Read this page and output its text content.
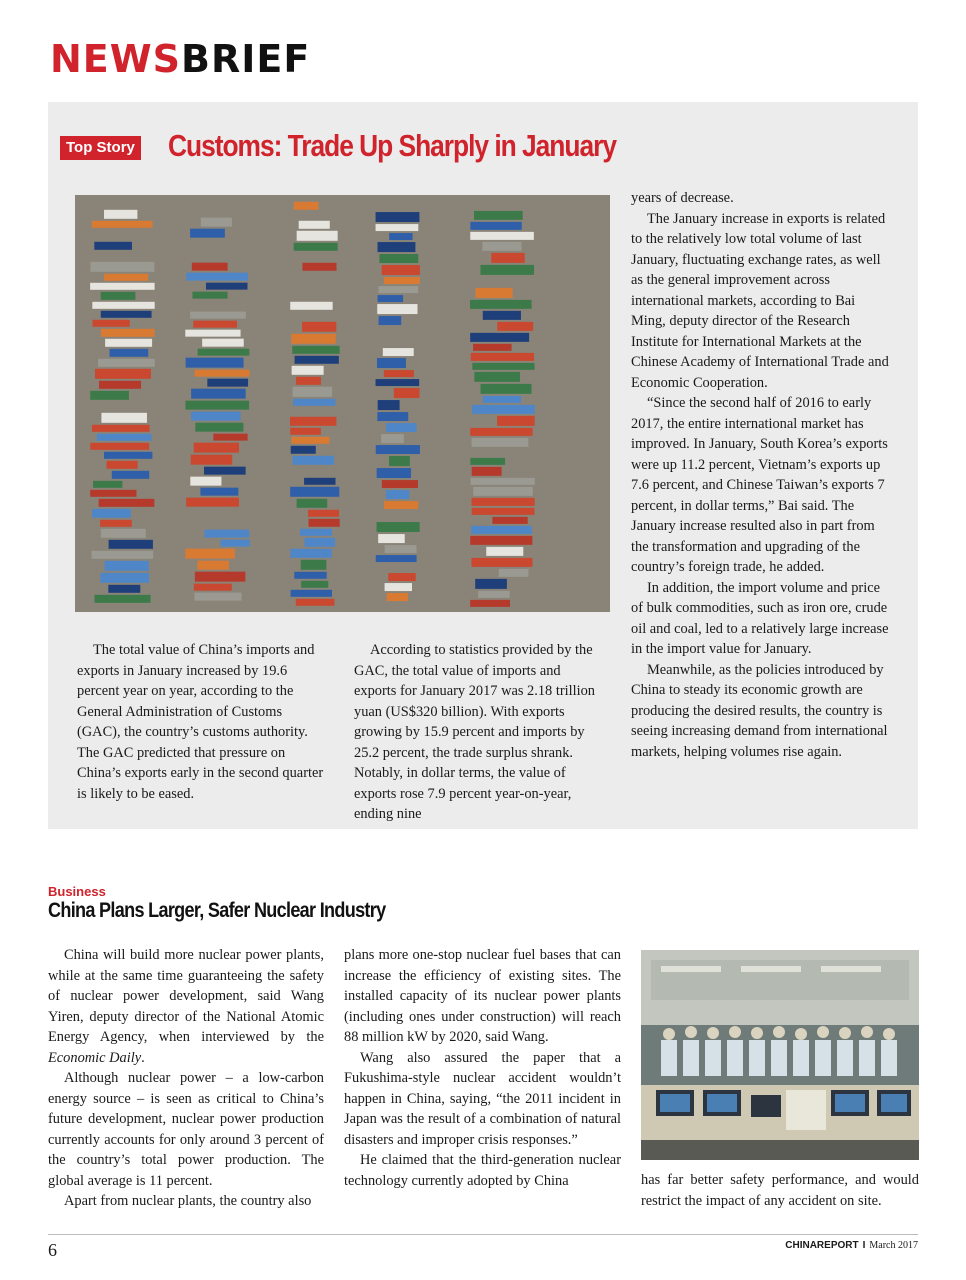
NEWSBRIEF
Top Story Customs: Trade Up Sharply in January

The total value of China’s imports and exports in January increased by 19.6 percent year on year, according to the General Administration of Customs (GAC), the country’s customs authority. The GAC predicted that pressure on China’s exports early in the second quarter is likely to be eased.

According to statistics provided by the GAC, the total value of imports and exports for January 2017 was 2.18 trillion yuan (US$320 billion). With exports growing by 15.9 percent and imports by 25.2 percent, the trade surplus shrank. Notably, in dollar terms, the value of exports rose 7.9 percent year-on-year, ending nine

years of decrease.

The January increase in exports is related to the relatively low total volume of last January, fluctuating exchange rates, as well as the general improvement across international markets, according to Bai Ming, deputy director of the Research Institute for International Markets at the Chinese Academy of International Trade and Economic Cooperation.

“Since the second half of 2016 to early 2017, the entire international market has improved. In January, South Korea’s exports were up 11.2 percent, Vietnam’s exports up 7.6 percent, and Chinese Taiwan’s exports 7 percent, in dollar terms,” Bai said. The January increase resulted also in part from the transformation and upgrading of the country’s foreign trade, he added.

In addition, the import volume and price of bulk commodities, such as iron ore, crude oil and coal, led to a relatively large increase in the import value for January.

Meanwhile, as the policies introduced by China to steady its economic growth are producing the desired results, the country is seeing increasing demand from international markets, helping volumes rise again.

Business
China Plans Larger, Safer Nuclear Industry

China will build more nuclear power plants, while at the same time guaranteeing the safety of nuclear power development, said Wang Yiren, deputy director of the National Atomic Energy Agency, when interviewed by the Economic Daily.

Although nuclear power – a low-carbon energy source – is seen as critical to China’s future development, nuclear power production currently accounts for only around 3 percent of the country’s total power production. The global average is 11 percent.

Apart from nuclear plants, the country also

plans more one-stop nuclear fuel bases that can increase the efficiency of existing sites. The installed capacity of its nuclear power plants (including ones under construction) will reach 88 million kW by 2020, said Wang.

Wang also assured the paper that a Fukushima-style nuclear accident wouldn’t happen in China, saying, “the 2011 incident in Japan was the result of a combination of natural disasters and improper crisis responses.”

He claimed that the third-generation nuclear technology currently adopted by China	has far better safety performance, and would restrict the impact of any accident on site.

6	CHINAREPORT I March 2017
